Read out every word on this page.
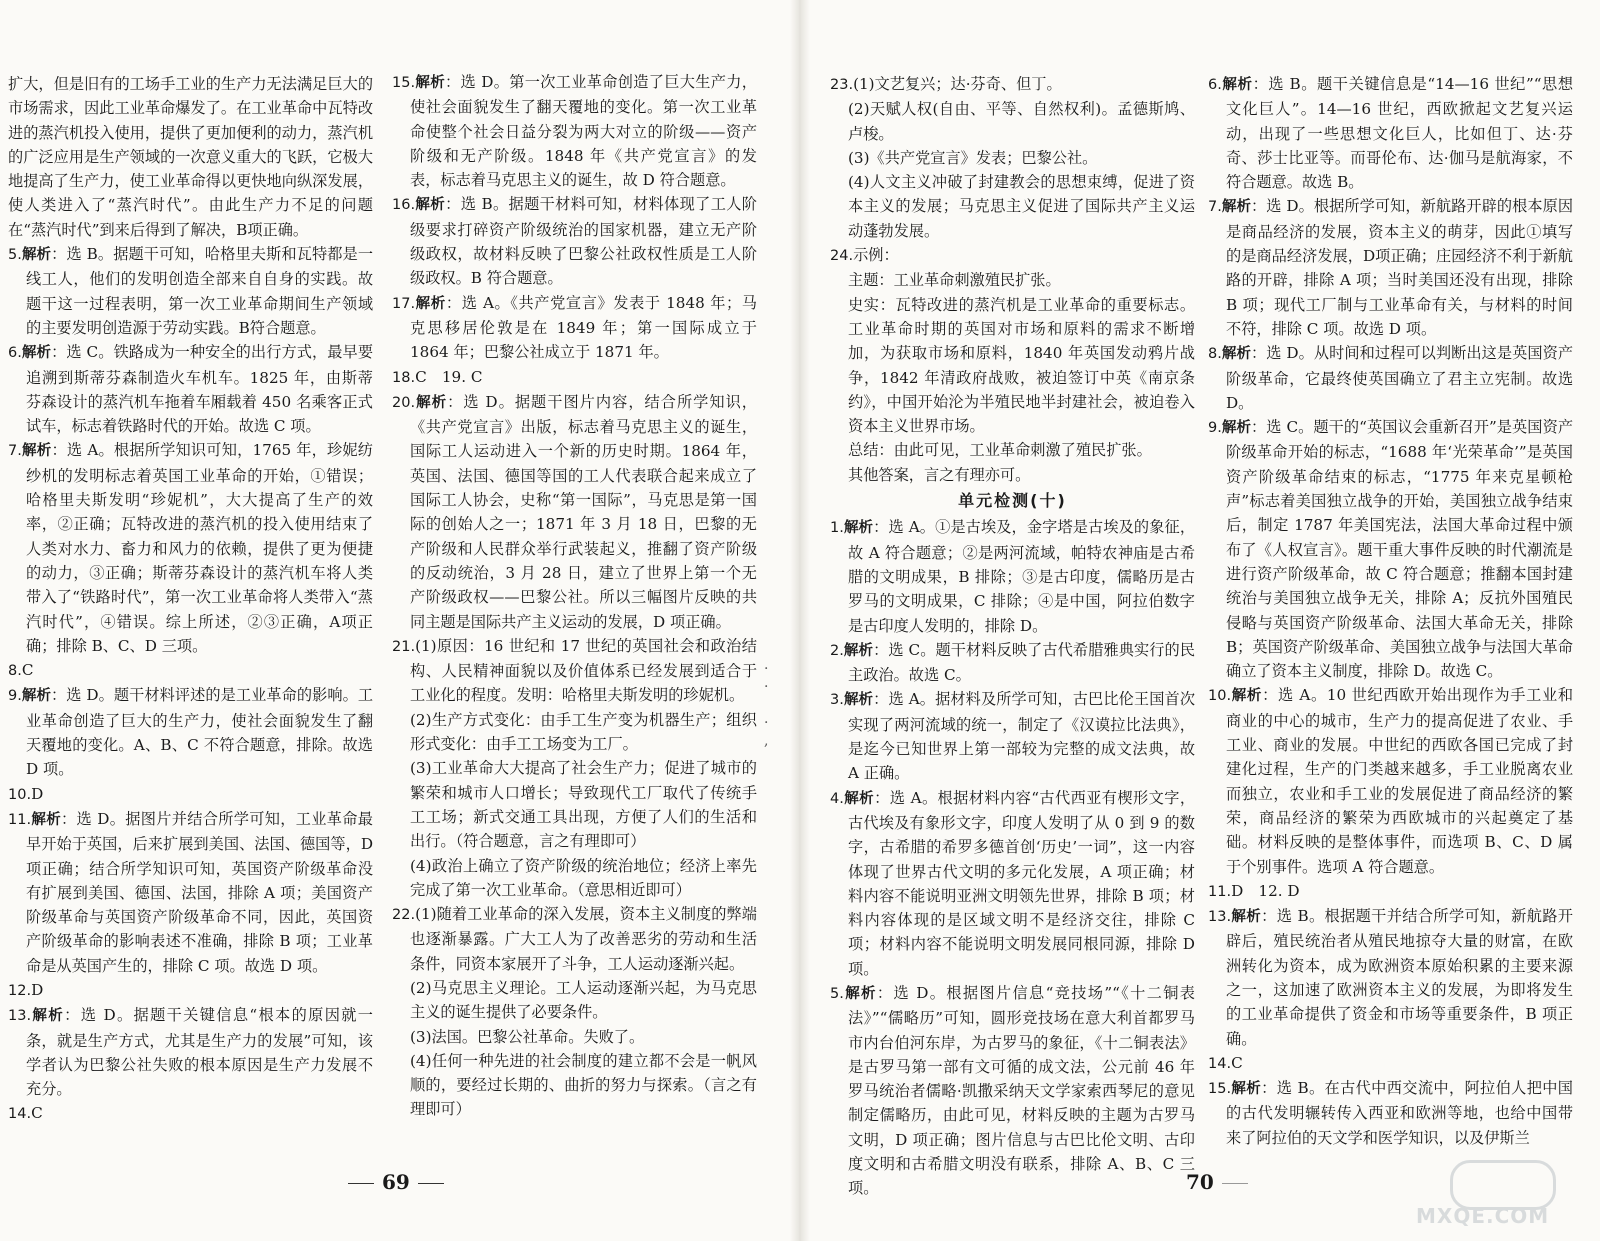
扩大，但是旧有的工场手工业的生产力无法满足巨大的市场需求，因此工业革命爆发了。在工业革命中瓦特改进的蒸汽机投入使用，提供了更加便利的动力，蒸汽机的广泛应用是生产领域的一次意义重大的飞跃，它极大地提高了生产力，使工业革命得以更快地向纵深发展，使人类进入了“蒸汽时代”。由此生产力不足的问题在“蒸汽时代”到来后得到了解决，B项正确。

5.解析：选 B。据题干可知，哈格里夫斯和瓦特都是一线工人，他们的发明创造全部来自自身的实践。故题干这一过程表明，第一次工业革命期间生产领域的主要发明创造源于劳动实践。B符合题意。

6.解析：选 C。铁路成为一种安全的出行方式，最早要追溯到斯蒂芬森制造火车机车。1825 年，由斯蒂芬森设计的蒸汽机车拖着车厢载着 450 名乘客正式试车，标志着铁路时代的开始。故选 C 项。

7.解析：选 A。根据所学知识可知，1765 年，珍妮纺纱机的发明标志着英国工业革命的开始，①错误；哈格里夫斯发明“珍妮机”，大大提高了生产的效率，②正确；瓦特改进的蒸汽机的投入使用结束了人类对水力、畜力和风力的依赖，提供了更为便捷的动力，③正确；斯蒂芬森设计的蒸汽机车将人类带入了“铁路时代”，第一次工业革命将人类带入“蒸汽时代”，④错误。综上所述，②③正确，A项正确；排除 B、C、D 三项。

8.C

9.解析：选 D。题干材料评述的是工业革命的影响。工业革命创造了巨大的生产力，使社会面貌发生了翻天覆地的变化。A、B、C 不符合题意，排除。故选 D 项。

10.D

11.解析：选 D。据图片并结合所学可知，工业革命最早开始于英国，后来扩展到美国、法国、德国等，D项正确；结合所学知识可知，英国资产阶级革命没有扩展到美国、德国、法国，排除 A 项；美国资产阶级革命与英国资产阶级革命不同，因此，英国资产阶级革命的影响表述不准确，排除 B 项；工业革命是从英国产生的，排除 C 项。故选 D 项。

12.D

13.解析：选 D。据题干关键信息“根本的原因就一条，就是生产方式，尤其是生产力的发展”可知，该学者认为巴黎公社失败的根本原因是生产力发展不充分。

14.C

15.解析：选 D。第一次工业革命创造了巨大生产力，使社会面貌发生了翻天覆地的变化。第一次工业革命使整个社会日益分裂为两大对立的阶级——资产阶级和无产阶级。1848 年《共产党宣言》的发表，标志着马克思主义的诞生，故 D 符合题意。

16.解析：选 B。据题干材料可知，材料体现了工人阶级要求打碎资产阶级统治的国家机器，建立无产阶级政权，故材料反映了巴黎公社政权性质是工人阶级政权。B 符合题意。

17.解析：选 A。《共产党宣言》发表于 1848 年；马克思移居伦敦是在 1849 年；第一国际成立于 1864 年；巴黎公社成立于 1871 年。

18.C　19. C

20.解析：选 D。据题干图片内容，结合所学知识，《共产党宣言》出版，标志着马克思主义的诞生，国际工人运动进入一个新的历史时期。1864 年，英国、法国、德国等国的工人代表联合起来成立了国际工人协会，史称“第一国际”，马克思是第一国际的创始人之一；1871 年 3 月 18 日，巴黎的无产阶级和人民群众举行武装起义，推翻了资产阶级的反动统治，3 月 28 日，建立了世界上第一个无产阶级政权——巴黎公社。所以三幅图片反映的共同主题是国际共产主义运动的发展，D 项正确。

21.(1)原因：16 世纪和 17 世纪的英国社会和政治结构、人民精神面貌以及价值体系已经发展到适合于工业化的程度。发明：哈格里夫斯发明的珍妮机。

(2)生产方式变化：由手工生产变为机器生产；组织形式变化：由手工工场变为工厂。

(3)工业革命大大提高了社会生产力；促进了城市的繁荣和城市人口增长；导致现代工厂取代了传统手工工场；新式交通工具出现，方便了人们的生活和出行。（符合题意，言之有理即可）

(4)政治上确立了资产阶级的统治地位；经济上率先完成了第一次工业革命。（意思相近即可）

22.(1)随着工业革命的深入发展，资本主义制度的弊端也逐渐暴露。广大工人为了改善恶劣的劳动和生活条件，同资本家展开了斗争，工人运动逐渐兴起。

(2)马克思主义理论。工人运动逐渐兴起，为马克思主义的诞生提供了必要条件。

(3)法国。巴黎公社革命。失败了。

(4)任何一种先进的社会制度的建立都不会是一帆风顺的，要经过长期的、曲折的努力与探索。（言之有理即可）

23.(1)文艺复兴；达·芬奇、但丁。

(2)天赋人权(自由、平等、自然权利)。孟德斯鸠、卢梭。

(3)《共产党宣言》发表；巴黎公社。

(4)人文主义冲破了封建教会的思想束缚，促进了资本主义的发展；马克思主义促进了国际共产主义运动蓬勃发展。

24.示例：

主题：工业革命刺激殖民扩张。

史实：瓦特改进的蒸汽机是工业革命的重要标志。工业革命时期的英国对市场和原料的需求不断增加，为获取市场和原料，1840 年英国发动鸦片战争，1842 年清政府战败，被迫签订中英《南京条约》，中国开始沦为半殖民地半封建社会，被迫卷入资本主义世界市场。

总结：由此可见，工业革命刺激了殖民扩张。

其他答案，言之有理亦可。

单元检测(十)

1.解析：选 A。①是古埃及，金字塔是古埃及的象征，故 A 符合题意；②是两河流域，帕特农神庙是古希腊的文明成果，B 排除；③是古印度，儒略历是古罗马的文明成果，C 排除；④是中国，阿拉伯数字是古印度人发明的，排除 D。

2.解析：选 C。题干材料反映了古代希腊雅典实行的民主政治。故选 C。

3.解析：选 A。据材料及所学可知，古巴比伦王国首次实现了两河流域的统一，制定了《汉谟拉比法典》，是迄今已知世界上第一部较为完整的成文法典，故 A 正确。

4.解析：选 A。根据材料内容“古代西亚有楔形文字，古代埃及有象形文字，印度人发明了从 0 到 9 的数字，古希腊的希罗多德首创‘历史’一词”，这一内容体现了世界古代文明的多元化发展，A 项正确；材料内容不能说明亚洲文明领先世界，排除 B 项；材料内容体现的是区域文明不是经济交往，排除 C 项；材料内容不能说明文明发展同根同源，排除 D 项。

5.解析：选 D。根据图片信息“竞技场”“《十二铜表法》”“儒略历”可知，圆形竞技场在意大利首都罗马市内台伯河东岸，为古罗马的象征，《十二铜表法》是古罗马第一部有文可循的成文法，公元前 46 年罗马统治者儒略·凯撒采纳天文学家索西琴尼的意见制定儒略历，由此可见，材料反映的主题为古罗马文明，D 项正确；图片信息与古巴比伦文明、古印度文明和古希腊文明没有联系，排除 A、B、C 三项。

6.解析：选 B。题干关键信息是“14—16 世纪”“思想文化巨人”。14—16 世纪，西欧掀起文艺复兴运动，出现了一些思想文化巨人，比如但丁、达·芬奇、莎士比亚等。而哥伦布、达·伽马是航海家，不符合题意。故选 B。

7.解析：选 D。根据所学可知，新航路开辟的根本原因是商品经济的发展，资本主义的萌芽，因此①填写的是商品经济发展，D项正确；庄园经济不利于新航路的开辟，排除 A 项；当时美国还没有出现，排除 B 项；现代工厂制与工业革命有关，与材料的时间不符，排除 C 项。故选 D 项。

8.解析：选 D。从时间和过程可以判断出这是英国资产阶级革命，它最终使英国确立了君主立宪制。故选 D。

9.解析：选 C。题干的“英国议会重新召开”是英国资产阶级革命开始的标志，“1688 年‘光荣革命’”是英国资产阶级革命结束的标志，“1775 年来克星顿枪声”标志着美国独立战争的开始，美国独立战争结束后，制定 1787 年美国宪法，法国大革命过程中颁布了《人权宣言》。题干重大事件反映的时代潮流是进行资产阶级革命，故 C 符合题意；推翻本国封建统治与美国独立战争无关，排除 A；反抗外国殖民侵略与英国资产阶级革命、法国大革命无关，排除 B；英国资产阶级革命、美国独立战争与法国大革命确立了资本主义制度，排除 D。故选 C。

10.解析：选 A。10 世纪西欧开始出现作为手工业和商业的中心的城市，生产力的提高促进了农业、手工业、商业的发展。中世纪的西欧各国已完成了封建化过程，生产的门类越来越多，手工业脱离农业而独立，农业和手工业的发展促进了商品经济的繁荣，商品经济的繁荣为西欧城市的兴起奠定了基础。材料反映的是整体事件，而选项 B、C、D 属于个别事件。选项 A 符合题意。

11.D　12. D

13.解析：选 B。根据题干并结合所学可知，新航路开辟后，殖民统治者从殖民地掠夺大量的财富，在欧洲转化为资本，成为欧洲资本原始积累的主要来源之一，这加速了欧洲资本主义的发展，为即将发生的工业革命提供了资金和市场等重要条件，B 项正确。

14.C

15.解析：选 B。在古代中西交流中，阿拉伯人把中国的古代发明辗转传入西亚和欧洲等地，也给中国带来了阿拉伯的天文学和医学知识，以及伊斯兰

·
·

·
,
69	70
MXQE.COM
